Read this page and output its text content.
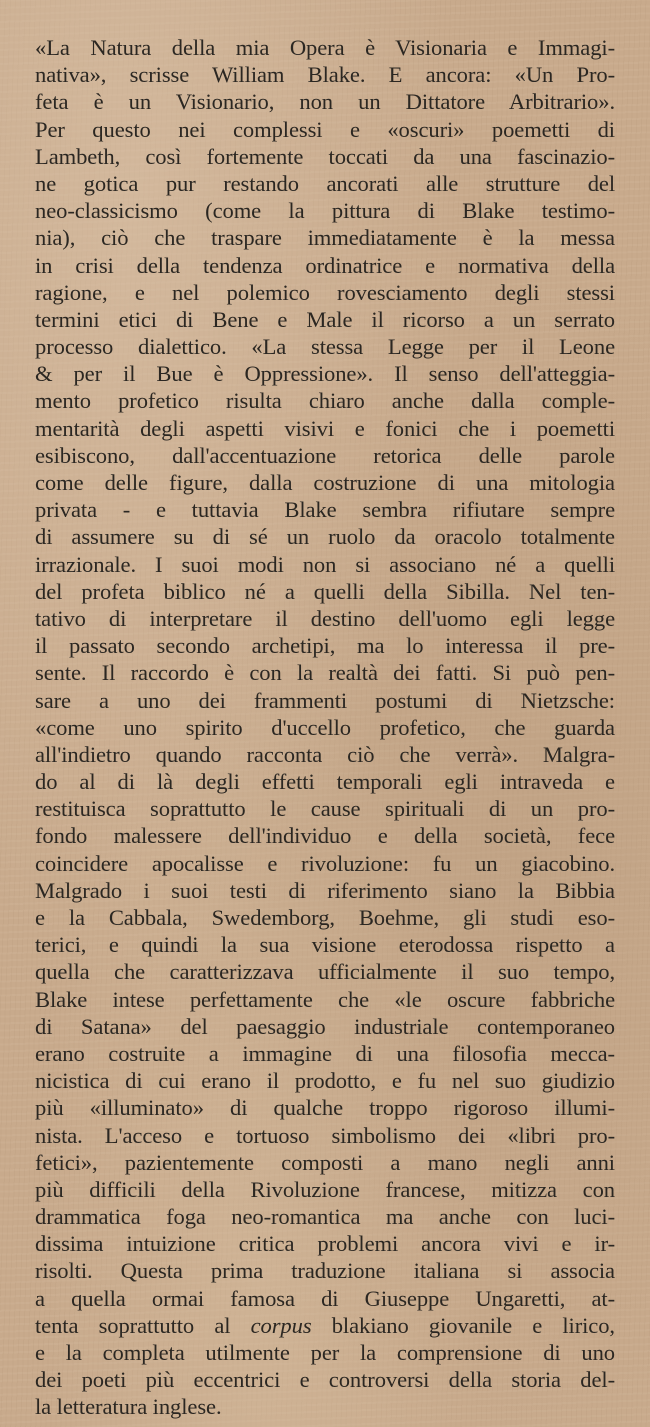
«La Natura della mia Opera è Visionaria e Immagi-
nativa», scrisse William Blake. E ancora: «Un Pro-
feta è un Visionario, non un Dittatore Arbitrario».
Per questo nei complessi e «oscuri» poemetti di
Lambeth, così fortemente toccati da una fascinazio-
ne gotica pur restando ancorati alle strutture del
neo-classicismo (come la pittura di Blake testimo-
nia), ciò che traspare immediatamente è la messa
in crisi della tendenza ordinatrice e normativa della
ragione, e nel polemico rovesciamento degli stessi
termini etici di Bene e Male il ricorso a un serrato
processo dialettico. «La stessa Legge per il Leone
& per il Bue è Oppressione». Il senso dell'atteggia-
mento profetico risulta chiaro anche dalla comple-
mentarità degli aspetti visivi e fonici che i poemetti
esibiscono, dall'accentuazione retorica delle parole
come delle figure, dalla costruzione di una mitologia
privata - e tuttavia Blake sembra rifiutare sempre
di assumere su di sé un ruolo da oracolo totalmente
irrazionale. I suoi modi non si associano né a quelli
del profeta biblico né a quelli della Sibilla. Nel ten-
tativo di interpretare il destino dell'uomo egli legge
il passato secondo archetipi, ma lo interessa il pre-
sente. Il raccordo è con la realtà dei fatti. Si può pen-
sare a uno dei frammenti postumi di Nietzsche:
«come uno spirito d'uccello profetico, che guarda
all'indietro quando racconta ciò che verrà». Malgra-
do al di là degli effetti temporali egli intraveda e
restituisca soprattutto le cause spirituali di un pro-
fondo malessere dell'individuo e della società, fece
coincidere apocalisse e rivoluzione: fu un giacobino.
Malgrado i suoi testi di riferimento siano la Bibbia
e la Cabbala, Swedemborg, Boehme, gli studi eso-
terici, e quindi la sua visione eterodossa rispetto a
quella che caratterizzava ufficialmente il suo tempo,
Blake intese perfettamente che «le oscure fabbriche
di Satana» del paesaggio industriale contemporaneo
erano costruite a immagine di una filosofia mecca-
nicistica di cui erano il prodotto, e fu nel suo giudizio
più «illuminato» di qualche troppo rigoroso illumi-
nista. L'acceso e tortuoso simbolismo dei «libri pro-
fetici», pazientemente composti a mano negli anni
più difficili della Rivoluzione francese, mitizza con
drammatica foga neo-romantica ma anche con luci-
dissima intuizione critica problemi ancora vivi e ir-
risolti. Questa prima traduzione italiana si associa
a quella ormai famosa di Giuseppe Ungaretti, at-
tenta soprattutto al corpus blakiano giovanile e lirico,
e la completa utilmente per la comprensione di uno
dei poeti più eccentrici e controversi della storia del-
la letteratura inglese.
